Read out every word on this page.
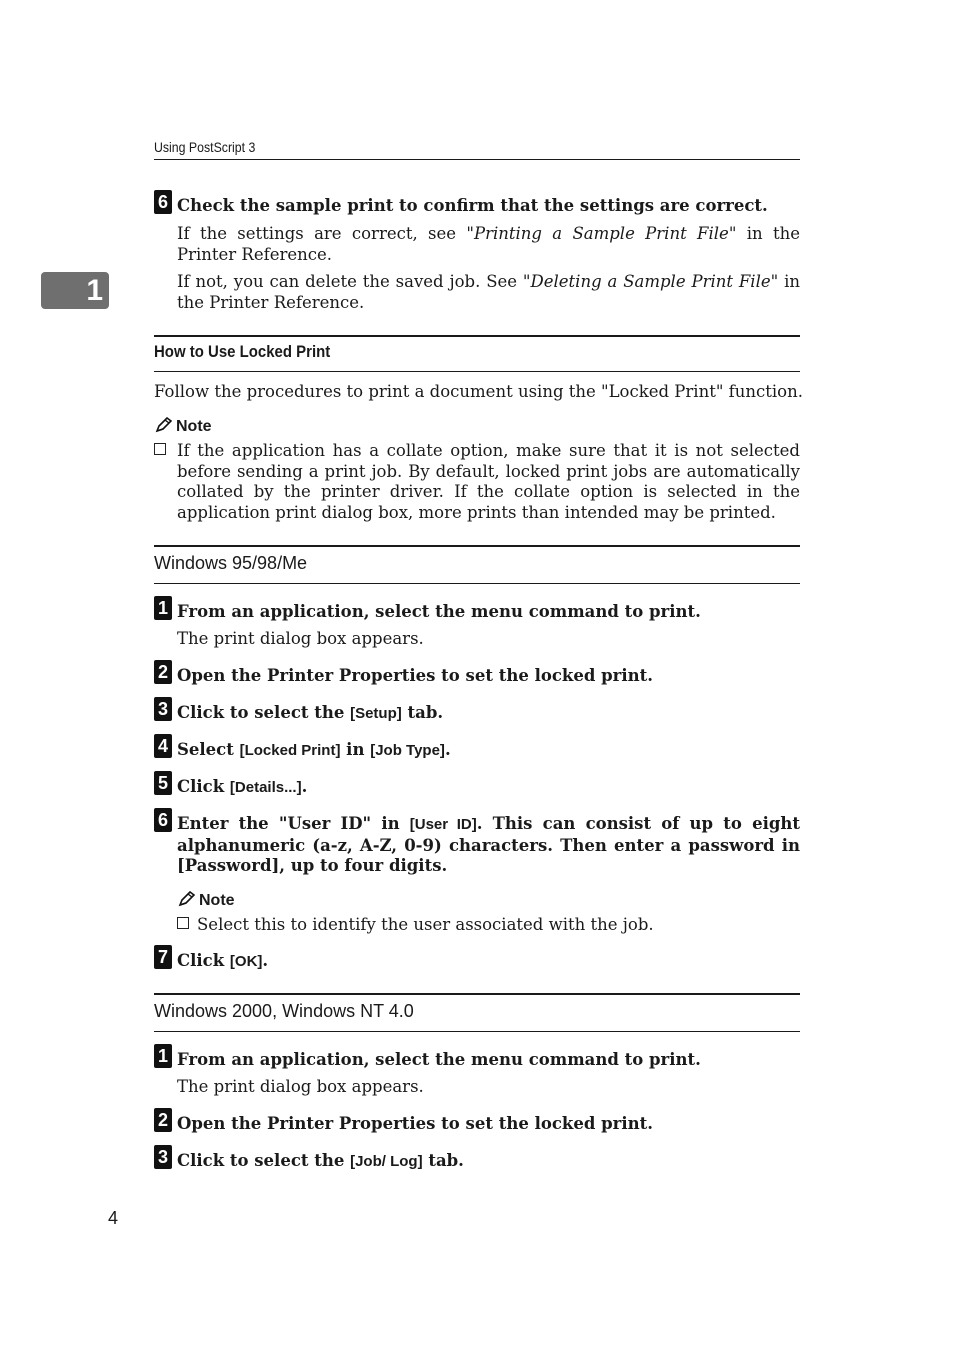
Using PostScript 3
1
6 Check the sample print to confirm that the settings are correct.
If the settings are correct, see "Printing a Sample Print File" in the Printer Reference.
If not, you can delete the saved job. See "Deleting a Sample Print File" in the Printer Reference.
How to Use Locked Print
Follow the procedures to print a document using the "Locked Print" function.
Note
If the application has a collate option, make sure that it is not selected before sending a print job. By default, locked print jobs are automatically collated by the printer driver. If the collate option is selected in the application print dialog box, more prints than intended may be printed.
Windows 95/98/Me
1 From an application, select the menu command to print.
The print dialog box appears.
2 Open the Printer Properties to set the locked print.
3 Click to select the [Setup] tab.
4 Select [Locked Print] in [Job Type].
5 Click [Details...].
6 Enter the "User ID" in [User ID]. This can consist of up to eight alphanumeric (a-z, A-Z, 0-9) characters. Then enter a password in [Password], up to four digits.
Note
Select this to identify the user associated with the job.
7 Click [OK].
Windows 2000, Windows NT 4.0
1 From an application, select the menu command to print.
The print dialog box appears.
2 Open the Printer Properties to set the locked print.
3 Click to select the [Job/ Log] tab.
4
